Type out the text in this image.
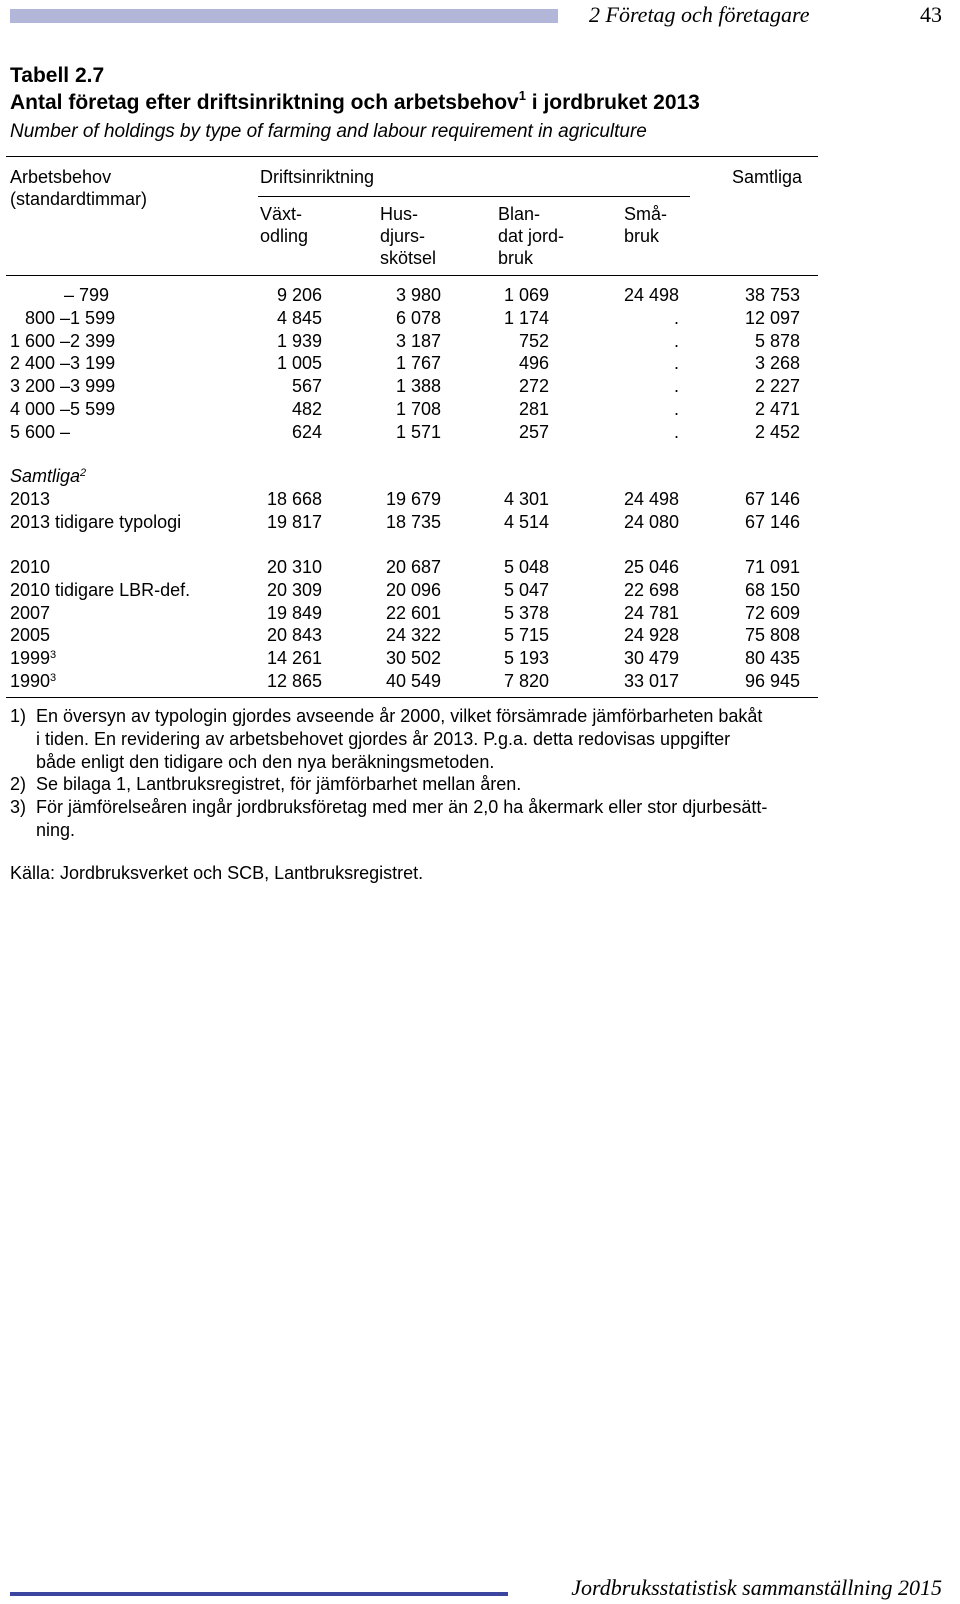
2 Företag och företagare	43
Tabell 2.7
Antal företag efter driftsinriktning och arbetsbehov$^1$ i jordbruket 2013
Number of holdings by type of farming and labour requirement in agriculture
Arbetsbehov
(standardtimmar)
Driftsinriktning	Samtliga
Växt-
odling
Hus-
djurs-
skötsel
Blan-
dat jord-
bruk
Små-
bruk
– 799	9 206	3 980	1 069	24 498	38 753
800 –1 599	4 845	6 078	1 174	.	12 097
1 600 –2 399	1 939	3 187	752	.	5 878
2 400 –3 199	1 005	1 767	496	.	3 268
3 200 –3 999	567	1 388	272	.	2 227
4 000 –5 599	482	1 708	281	.	2 471
5 600 –	624	1 571	257	.	2 452
Samtliga$^2$
2013	18 668	19 679	4 301	24 498	67 146
2013 tidigare typologi	19 817	18 735	4 514	24 080	67 146
2010	20 310	20 687	5 048	25 046	71 091
2010 tidigare LBR-def.	20 309	20 096	5 047	22 698	68 150
2007	19 849	22 601	5 378	24 781	72 609
2005	20 843	24 322	5 715	24 928	75 808
1999$^3$	14 261	30 502	5 193	30 479	80 435
1990$^3$	12 865	40 549	7 820	33 017	96 945
1) En översyn av typologin gjordes avseende år 2000, vilket försämrade jämförbarheten bakåt
i tiden. En revidering av arbetsbehovet gjordes år 2013. P.g.a. detta redovisas uppgifter
både enligt den tidigare och den nya beräkningsmetoden.
2) Se bilaga 1, Lantbruksregistret, för jämförbarhet mellan åren.
3) För jämförelseåren ingår jordbruksföretag med mer än 2,0 ha åkermark eller stor djurbesätt-
ning.
Källa: Jordbruksverket och SCB, Lantbruksregistret.
Jordbruksstatistisk sammanställning 2015
